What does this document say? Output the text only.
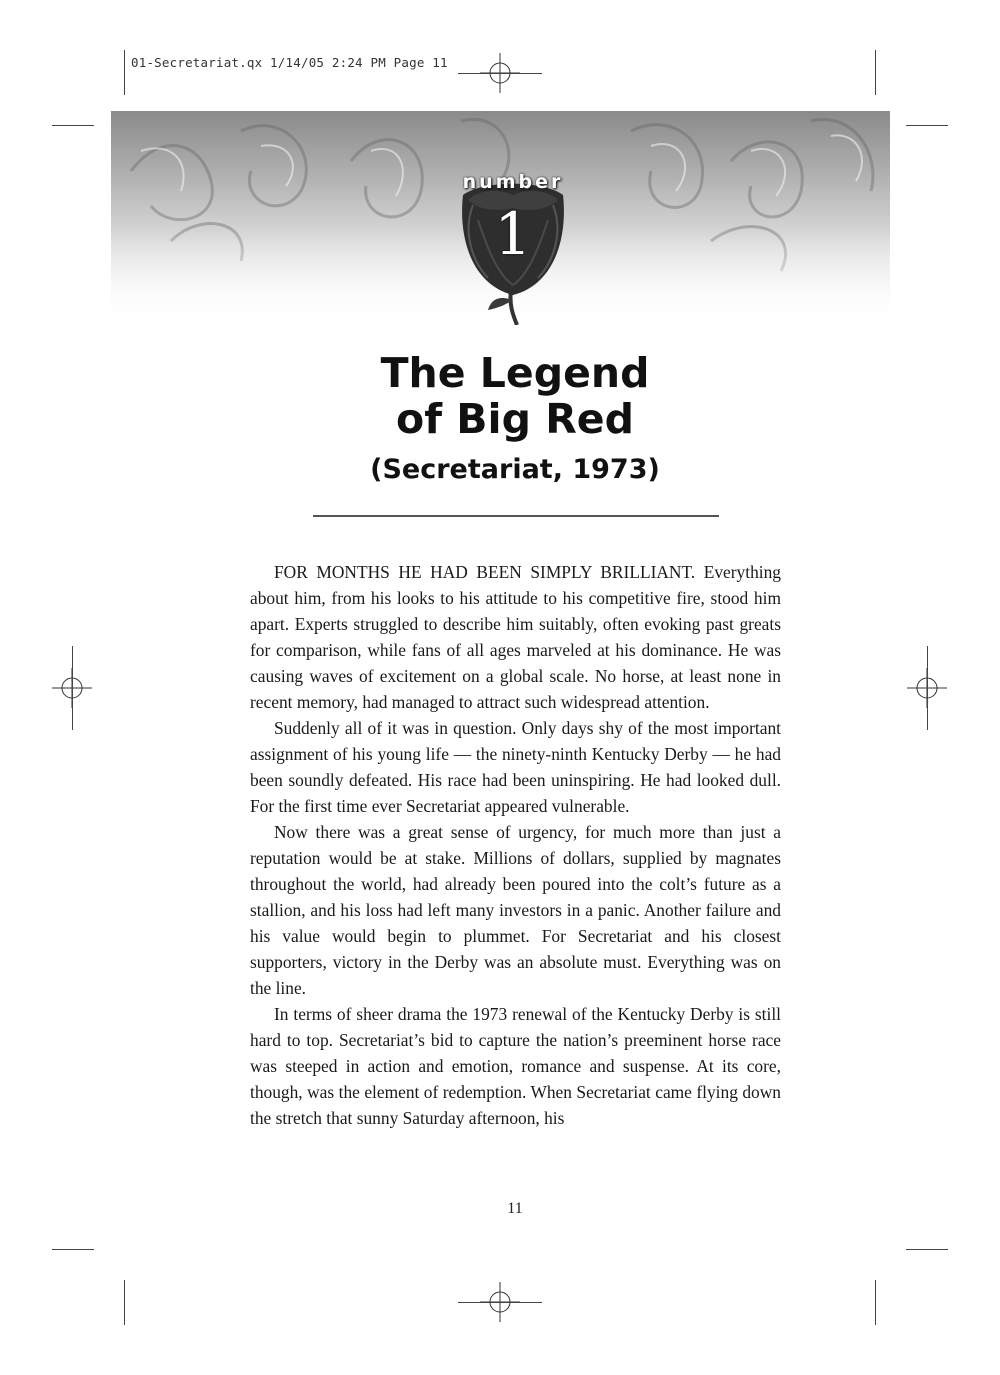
01-Secretariat.qx 1/14/05 2:24 PM Page 11
number
1
The Legend
of Big Red
(Secretariat, 1973)

FOR MONTHS HE HAD BEEN SIMPLY BRILLIANT. Everything about him, from his looks to his attitude to his competitive fire, stood him apart. Experts struggled to describe him suitably, often evoking past greats for comparison, while fans of all ages marveled at his dominance. He was causing waves of excitement on a global scale. No horse, at least none in recent memory, had managed to attract such widespread attention.

Suddenly all of it was in question. Only days shy of the most important assignment of his young life — the ninety-ninth Kentucky Derby — he had been soundly defeated. His race had been uninspiring. He had looked dull. For the first time ever Secretariat appeared vulnerable.

Now there was a great sense of urgency, for much more than just a reputation would be at stake. Millions of dollars, supplied by magnates throughout the world, had already been poured into the colt’s future as a stallion, and his loss had left many investors in a panic. Another failure and his value would begin to plummet. For Secretariat and his closest supporters, victory in the Derby was an absolute must. Everything was on the line.

In terms of sheer drama the 1973 renewal of the Kentucky Derby is still hard to top. Secretariat’s bid to capture the nation’s preeminent horse race was steeped in action and emotion, romance and suspense. At its core, though, was the element of redemption. When Secretariat came flying down the stretch that sunny Saturday afternoon, his

11
